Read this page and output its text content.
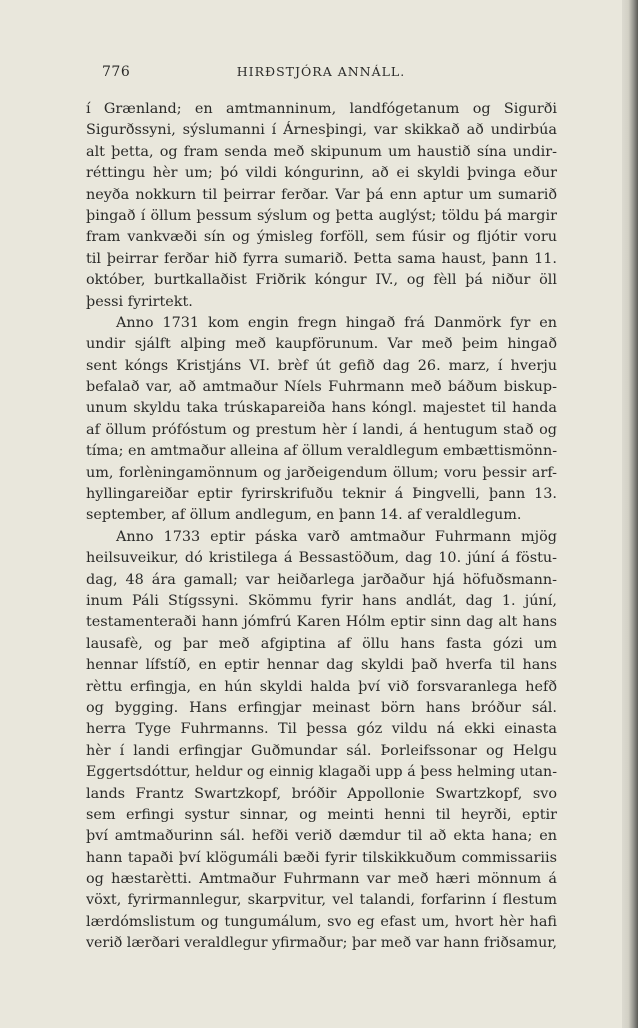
776	HIRÐSTJÓRA ANNÁLL.
í Grænland; en amtmanninum, landfógetanum og Sigurði
Sigurðssyni, sýslumanni í Árnesþingi, var skikkað að undirbúa
alt þetta, og fram senda með skipunum um haustið sína undir-
réttingu hèr um; þó vildi kóngurinn, að ei skyldi þvinga eður
neyða nokkurn til þeirrar ferðar. Var þá enn aptur um sumarið
þingað í öllum þessum sýslum og þetta auglýst; töldu þá margir
fram vankvæði sín og ýmisleg forföll, sem fúsir og fljótir voru
til þeirrar ferðar hið fyrra sumarið. Þetta sama haust, þann 11.
október, burtkallaðist Friðrik kóngur IV., og fèll þá niður öll
þessi fyrirtekt.
Anno 1731 kom engin fregn hingað frá Danmörk fyr en
undir sjálft alþing með kaupförunum. Var með þeim hingað
sent kóngs Kristjáns VI. brèf út gefið dag 26. marz, í hverju
befalað var, að amtmaður Níels Fuhrmann með báðum biskup-
unum skyldu taka trúskapareiða hans kóngl. majestet til handa
af öllum prófóstum og prestum hèr í landi, á hentugum stað og
tíma; en amtmaður alleina af öllum veraldlegum embættismönn-
um, forlèningamönnum og jarðeigendum öllum; voru þessir arf-
hyllingareiðar eptir fyrirskrifuðu teknir á Þingvelli, þann 13.
september, af öllum andlegum, en þann 14. af veraldlegum.
Anno 1733 eptir páska varð amtmaður Fuhrmann mjög
heilsuveikur, dó kristilega á Bessastöðum, dag 10. júní á föstu-
dag, 48 ára gamall; var heiðarlega jarðaður hjá höfuðsmann-
inum Páli Stígssyni. Skömmu fyrir hans andlát, dag 1. júní,
testamenteraði hann jómfrú Karen Hólm eptir sinn dag alt hans
lausafè, og þar með afgiptina af öllu hans fasta gózi um
hennar lífstíð, en eptir hennar dag skyldi það hverfa til hans
rèttu erfingja, en hún skyldi halda því við forsvaranlega hefð
og bygging. Hans erfingjar meinast börn hans bróður sál.
herra Tyge Fuhrmanns. Til þessa góz vildu ná ekki einasta
hèr í landi erfingjar Guðmundar sál. Þorleifssonar og Helgu
Eggertsdóttur, heldur og einnig klagaði upp á þess helming utan-
lands Frantz Swartzkopf, bróðir Appollonie Swartzkopf, svo
sem erfingi systur sinnar, og meinti henni til heyrði, eptir
því amtmaðurinn sál. hefði verið dæmdur til að ekta hana; en
hann tapaði því klögumáli bæði fyrir tilskikkuðum commissariis
og hæstarètti. Amtmaður Fuhrmann var með hæri mönnum á
vöxt, fyrirmannlegur, skarpvitur, vel talandi, forfarinn í flestum
lærdómslistum og tungumálum, svo eg efast um, hvort hèr hafi
verið lærðari veraldlegur yfirmaður; þar með var hann friðsamur,
